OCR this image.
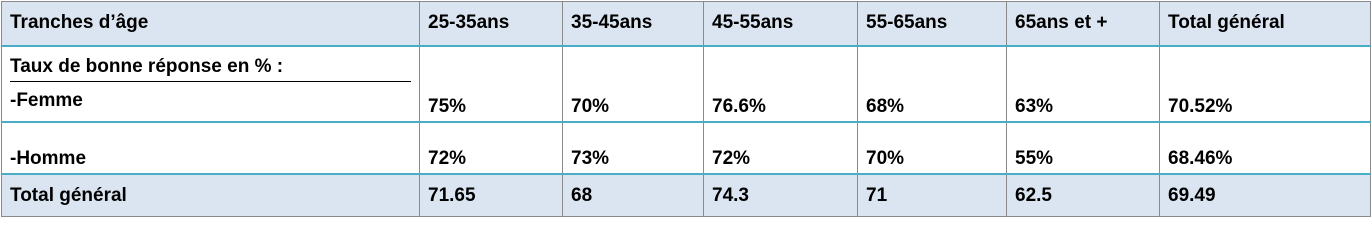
Tranches d’âge	25-35ans	35-45ans	45-55ans	55-65ans	65ans et +	Total général

Taux de bonne réponse en % :
-Femme	75%	70%	76.6%	68%	63%	70.52%
-Homme	72%	73%	72%	70%	55%	68.46%
Total général	71.65	68	74.3	71	62.5	69.49
